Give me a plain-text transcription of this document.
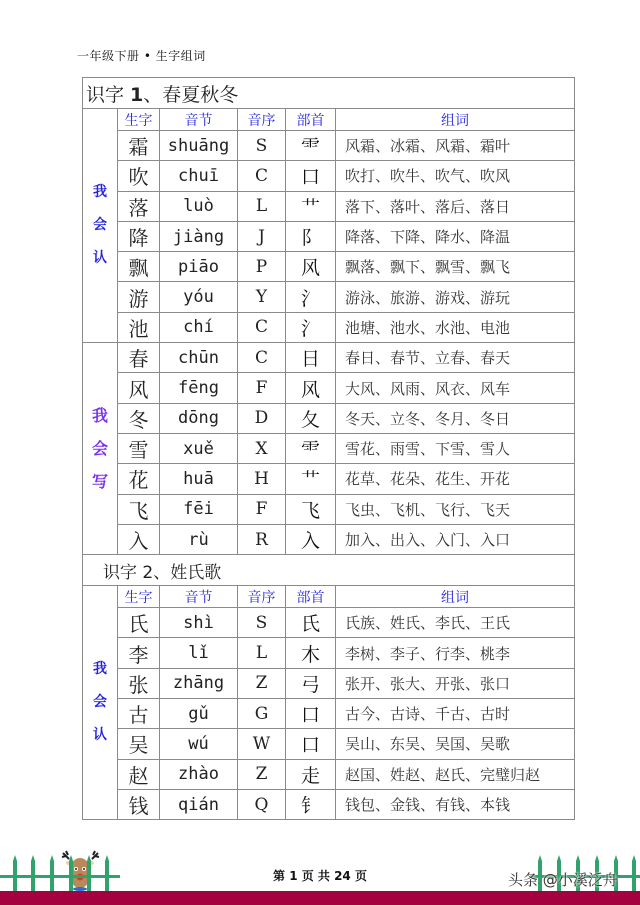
一年级下册 • 生字组词
识字 1、春夏秋冬					

我
会
认	生字	音节	音序	部首	组词
	霜	shuāng	S	⻗	风霜、冰霜、风霜、霜叶
	吹	chuī	C	口	吹打、吹牛、吹气、吹风
	落	luò	L	艹	落下、落叶、落后、落日
	降	jiàng	J	阝	降落、下降、降水、降温
	飘	piāo	P	风	飘落、飘下、飘雪、飘飞
	游	yóu	Y	氵	游泳、旅游、游戏、游玩
	池	chí	C	氵	池塘、池水、水池、电池

我
会
写	春	chūn	C	日	春日、春节、立春、春天
	风	fēng	F	风	大风、风雨、风衣、风车
	冬	dōng	D	夂	冬天、立冬、冬月、冬日
	雪	xuě	X	⻗	雪花、雨雪、下雪、雪人
	花	huā	H	艹	花草、花朵、花生、开花
	飞	fēi	F	飞	飞虫、飞机、飞行、飞天
	入	rù	R	入	加入、出入、入门、入口
识字 2、姓氏歌					

我
会
认	生字	音节	音序	部首	组词
	氏	shì	S	氏	氏族、姓氏、李氏、王氏
	李	lǐ	L	木	李树、李子、行李、桃李
	张	zhāng	Z	弓	张开、张大、开张、张口
	古	gǔ	G	口	古今、古诗、千古、古时
	吴	wú	W	口	吴山、东吴、吴国、吴歌
	赵	zhào	Z	走	赵国、姓赵、赵氏、完璧归赵
	钱	qián	Q	钅	钱包、金钱、有钱、本钱
第 1 页 共 24 页	头条 @小溪泛舟
